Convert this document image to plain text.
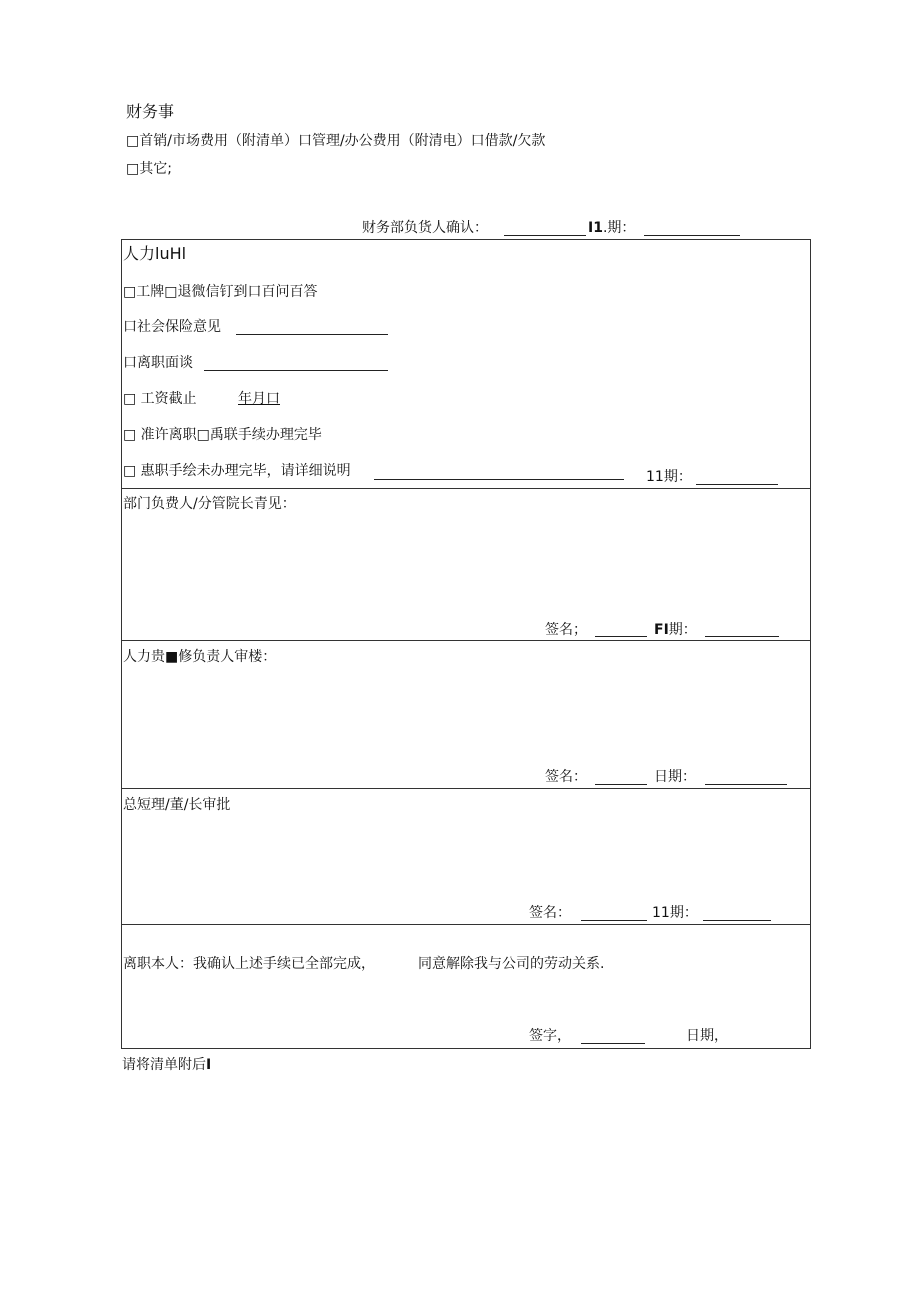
财务事
□首销/市场费用（附清单）口管理/办公费用（附清电）口借款/欠款
□其它;
财务部负货人确认：	I1.期：
人力luHl
□工牌□退微信钉到口百问百答
口社会保险意见
口离职面谈
□ 工资截止	年月口
□ 准许离职□禹联手续办理完毕
□ 惠职手绘未办理完毕，请详细说明	11期：
部门负费人/分管院长青见：
签名；	FI期：
人力贵■修负责人审楼：
签名：	日期：
总短理/董/长审批
签名：	11期：
离职本人：我确认上述手续已全部完成，	同意解除我与公司的劳动关系.
签字，	日期，
请将清单附后I
